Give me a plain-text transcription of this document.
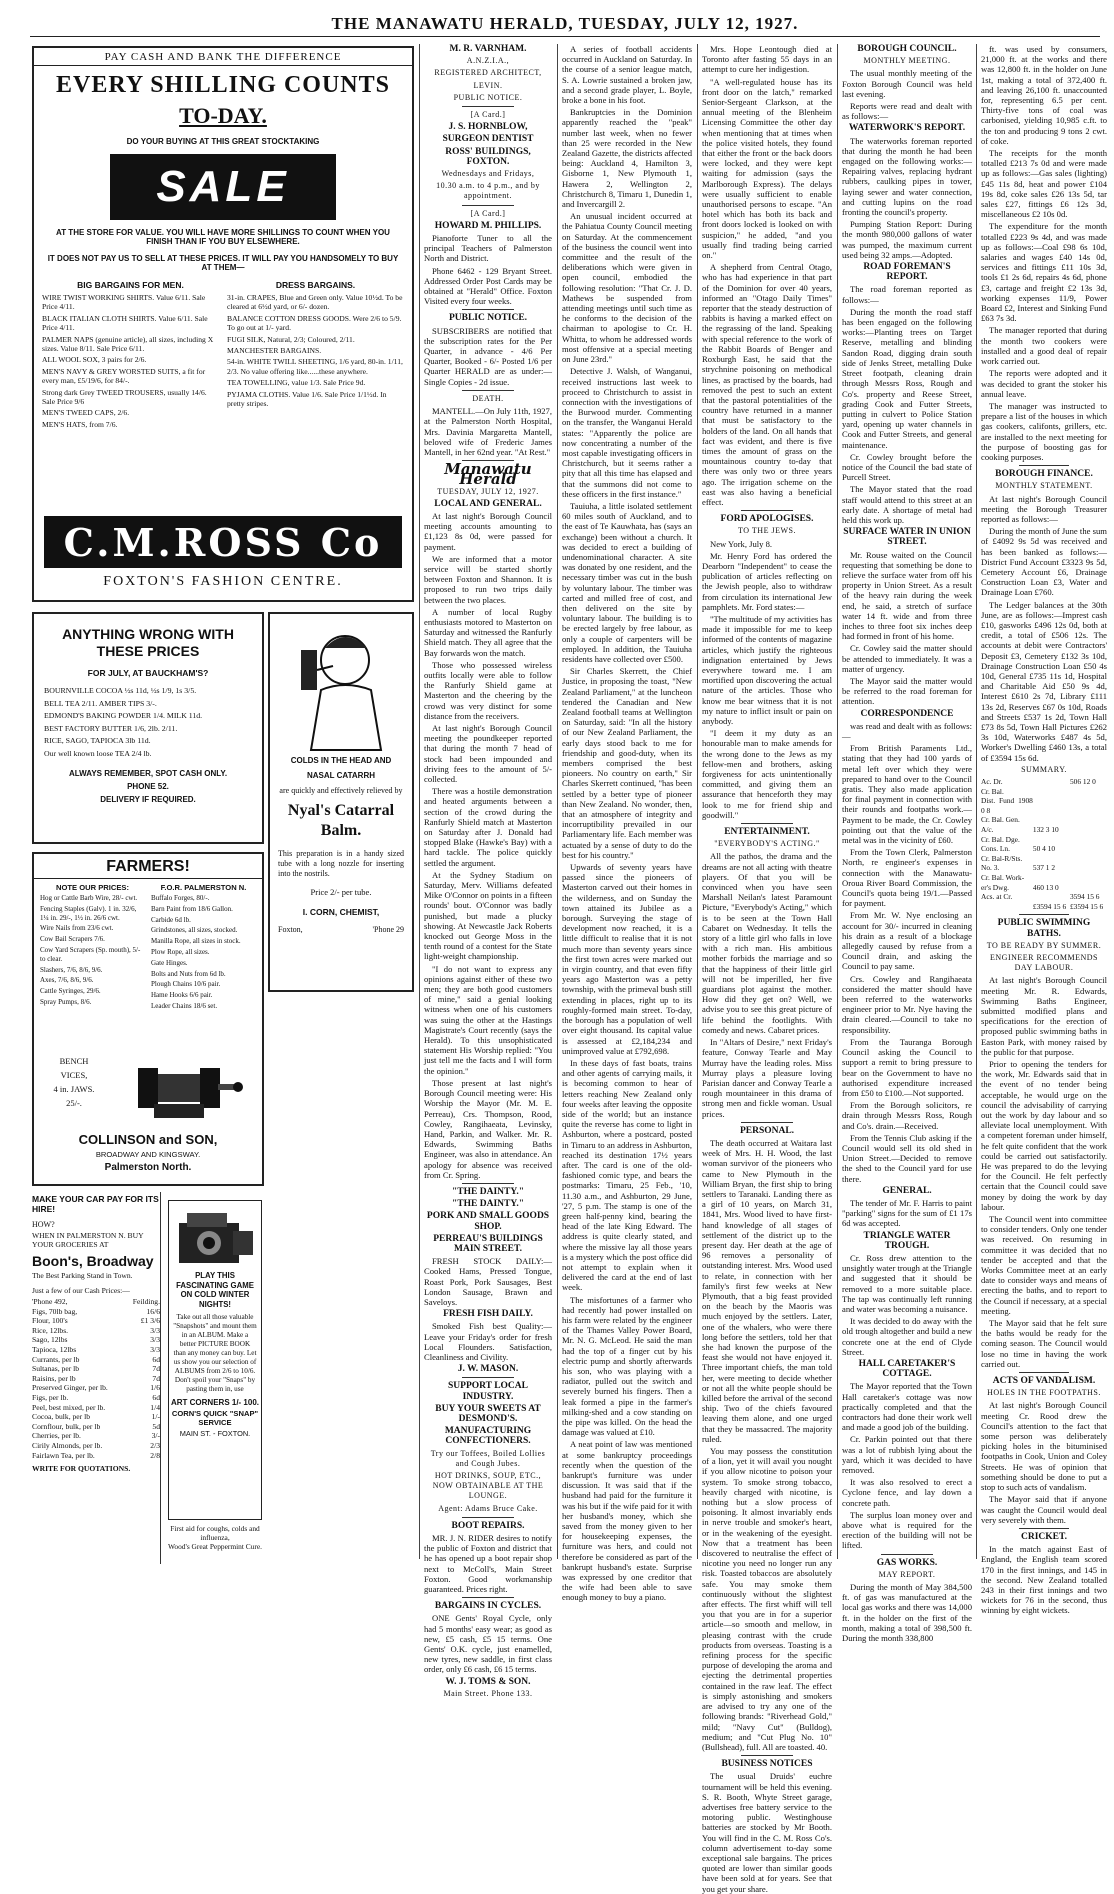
THE MANAWATU HERALD, TUESDAY, JULY 12, 1927.
PAY CASH AND BANK THE DIFFERENCE
EVERY SHILLING COUNTS
TO-DAY.
DO YOUR BUYING AT THIS GREAT STOCKTAKING
SALE
AT THE STORE FOR VALUE. YOU WILL HAVE MORE SHILLINGS TO COUNT WHEN YOU FINISH THAN IF YOU BUY ELSEWHERE.
IT DOES NOT PAY US TO SELL AT THESE PRICES. IT WILL PAY YOU HANDSOMELY TO BUY AT THEM—
BIG BARGAINS FOR MEN.
WIRE TWIST WORKING SHIRTS. Value 6/11. Sale Price 4/11.
BLACK ITALIAN CLOTH SHIRTS. Value 6/11. Sale Price 4/11.
PALMER NAPS (genuine article), all sizes, including X sizes. Value 8/11. Sale Price 6/11.
ALL WOOL SOX, 3 pairs for 2/6.
MEN'S NAVY & GREY WORSTED SUITS, a fit for every man, £5/19/6, for 84/-.
Strong dark Grey TWEED TROUSERS, usually 14/6. Sale Price 9/6
MEN'S TWEED CAPS, 2/6.
MEN'S HATS, from 7/6.
DRESS BARGAINS.
31-in. CRAPES, Blue and Green only. Value 10½d. To be cleared at 6½d yard, or 6/- dozen.
BALANCE COTTON DRESS GOODS. Were 2/6 to 5/9. To go out at 1/- yard.
FUGI SILK, Natural, 2/3; Coloured, 2/11.
MANCHESTER BARGAINS.
54-in. WHITE TWILL SHEETING, 1/6 yard, 80-in. 1/11, 2/3. No value offering like......these anywhere.
TEA TOWELLING, value 1/3. Sale Price 9d.
PYJAMA CLOTHS. Value 1/6. Sale Price 1/1½d. In pretty stripes.
C.M.ROSS Co
FOXTON'S FASHION CENTRE.
ANYTHING WRONG WITH THESE PRICES
FOR JULY, AT BAUCKHAM'S?
BOURNVILLE COCOA ½s 11d, ½s 1/9, 1s 3/5.
BELL TEA 2/11. AMBER TIPS 3/-.
EDMOND'S BAKING POWDER 1/4. MILK 11d.
BEST FACTORY BUTTER 1/6, 2lb. 2/11.
RICE, SAGO, TAPIOCA 3lb 11d.
Our well known loose TEA 2/4 lb.
ALWAYS REMEMBER, SPOT CASH ONLY.
PHONE 52.
DELIVERY IF REQUIRED.
FARMERS!
NOTE OUR PRICES:
Hog or Cattle Barb Wire, 28/- cwt.
Fencing Staples (Galv). 1 in. 32/6, 1¼ in. 29/-, 1½ in. 26/6 cwt.
Wire Nails from 23/6 cwt.
Cow Bail Scrapers 7/6.
Cow Yard Scrapers (Sp. mouth), 5/- to clear.
Slashers, 7/6, 8/6, 9/6.
Axes, 7/6, 8/6, 9/6.
Cattle Syringes, 29/6.
Spray Pumps, 8/6.
F.O.R. PALMERSTON N.
Buffalo Forges, 80/-.
Barn Paint from 18/6 Gallon.
Carbide 6d lb.
Grindstones, all sizes, stocked.
Manilla Rope, all sizes in stock.
Plow Rope, all sizes.
Gate Hinges.
Bolts and Nuts from 6d lb.
Plough Chains 10/6 pair.
Hame Hooks 6/6 pair.
Leader Chains 18/6 set.
BENCH
VICES,
4 in. JAWS.
25/-.
COLLINSON and SON,
BROADWAY AND KINGSWAY.
Palmerston North.
MAKE YOUR CAR PAY FOR ITS HIRE!
HOW?
WHEN IN PALMERSTON N. BUY YOUR GROCERIES AT
Boon's, Broadway
The Best Parking Stand in Town.
Just a few of our Cash Prices:—
'Phone 492,	Feilding.
Figs, 70lb bag,	16/6
Flour, 100's	£1 3/6
Rice, 12lbs.	3/3
Sago, 12lbs	3/3
Tapioca, 12lbs	3/3
Currants, per lb	6d
Sultanas, per lb	7d
Raisins, per lb	7d
Preserved Ginger, per lb.	1/6
Figs, per lb.	6d
Peel, best mixed, per lb.	1/4
Cocoa, bulk, per lb	1/-
Cornflour, bulk, per lb	5d
Cherries, per lb.	3/-
Cirily Almonds, per lb.	2/3
Fairlawn Tea, per lb.	2/8
WRITE FOR QUOTATIONS.
PLAY THIS FASCINATING GAME ON COLD WINTER NIGHTS!
Take out all those valuable "Snapshots" and mount them in an ALBUM. Make a better PICTURE BOOK than any money can buy. Let us show you our selection of ALBUMS from 2/6 to 10/6. Don't spoil your "Snaps" by pasting them in, use
ART CORNERS 1/- 100.
CORN'S QUICK "SNAP" SERVICE
MAIN ST. - FOXTON.
First aid for coughs, colds and influenza,
Wood's Great Peppermint Cure.
COLDS IN THE HEAD AND
NASAL CATARRH
are quickly and effectively relieved by
Nyal's Catarral Balm.
This preparation is in a handy sized tube with a long nozzle for inserting into the nostrils.
Price 2/- per tube.
I. CORN, CHEMIST,
Foxton,	'Phone 29

M. R. VARNHAM.

A.N.Z.I.A.,

REGISTERED ARCHITECT,

LEVIN.

PUBLIC NOTICE.

[A Card.]

J. S. HORNBLOW,

SURGEON DENTIST

ROSS' BUILDINGS, FOXTON.

Wednesdays and Fridays,

10.30 a.m. to 4 p.m., and by appointment.

[A Card.]

HOWARD M. PHILLIPS.

Pianoforte Tuner to all the principal Teachers of Palmerston North and District.

Phone 6462 - 129 Bryant Street. Addressed Order Post Cards may be obtained at "Herald" Office. Foxton Visited every four weeks.

PUBLIC NOTICE.

SUBSCRIBERS are notified that the subscription rates for the Per Quarter, in advance - 4/6 Per Quarter, Booked - 6/- Posted 1/6 per Quarter HERALD are as under:— Single Copies - 2d issue.

DEATH.

MANTELL.—On July 11th, 1927, at the Palmerston North Hospital, Mrs. Davinia Margaretta Mantell, beloved wife of Frederic James Mantell, in her 62nd year. "At Rest."

Manawatu Herald

TUESDAY, JULY 12, 1927.

LOCAL AND GENERAL.

At last night's Borough Council meeting accounts amounting to £1,123 8s 0d, were passed for payment.

We are informed that a motor service will be started shortly between Foxton and Shannon. It is proposed to run two trips daily between the two places.

A number of local Rugby enthusiasts motored to Masterton on Saturday and witnessed the Ranfurly Shield match. They all agree that the Bay forwards won the match.

Those who possessed wireless outfits locally were able to follow the Ranfurly Shield game at Masterton and the cheering by the crowd was very distinct for some distance from the receivers.

At last night's Borough Council meeting the poundkeeper reported that during the month 7 head of stock had been impounded and driving fees to the amount of 5/- collected.

There was a hostile demonstration and heated arguments between a section of the crowd during the Ranfurly Shield match at Masterton on Saturday after J. Donald had stopped Blake (Hawke's Bay) with a hard tackle. The police quickly settled the argument.

At the Sydney Stadium on Saturday, Merv. Williams defeated Mike O'Connor on points in a fifteen rounds' bout. O'Connor was badly punished, but made a plucky showing. At Newcastle Jack Roberts knocked out George Moss in the tenth round of a contest for the State light-weight championship.

"I do not want to express any opinions against either of these two men; they are both good customers of mine," said a genial looking witness when one of his customers was suing the other at the Hastings Magistrate's Court recently (says the Herald). To this unsophisticated statement His Worship replied: "You just tell me the facts and I will form the opinion."

Those present at last night's Borough Council meeting were: His Worship the Mayor (Mr. M. E. Perreau), Crs. Thompson, Rood, Cowley, Rangihaeata, Levinsky, Hand, Parkin, and Walker. Mr. R. Edwards, Swimming Baths Engineer, was also in attendance. An apology for absence was received from Cr. Spring.

"THE DAINTY."

"THE DAINTY."

PORK AND SMALL GOODS SHOP.

PERREAU'S BUILDINGS MAIN STREET.

FRESH STOCK DAILY:—Cooked Hams, Pressed Tongue, Roast Pork, Pork Sausages, Best London Sausage, Brawn and Saveloys.

FRESH FISH DAILY.

Smoked Fish best Quality:—Leave your Friday's order for fresh Local Flounders. Satisfaction, Cleanliness and Civility.

J. W. MASON.

SUPPORT LOCAL INDUSTRY.

BUY YOUR SWEETS AT DESMOND'S.

MANUFACTURING CONFECTIONERS.

Try our Toffees, Boiled Lollies and Cough Jubes.

HOT DRINKS, SOUP, ETC., NOW OBTAINABLE AT THE LOUNGE.

Agent: Adams Bruce Cake.

BOOT REPAIRS.

MR. J. N. RIDER desires to notify the public of Foxton and district that he has opened up a boot repair shop next to McColl's, Main Street Foxton. Good workmanship guaranteed. Prices right.

BARGAINS IN CYCLES.

ONE Gents' Royal Cycle, only had 5 months' easy wear; as good as new, £5 cash, £5 15 terms. One Gents' O.K. cycle, just enamelled, new tyres, new saddle, in first class order, only £6 cash, £6 15 terms.

W. J. TOMS & SON.

Main Street. Phone 133.

A series of football accidents occurred in Auckland on Saturday. In the course of a senior league match, S. A. Lowrie sustained a broken jaw, and a second grade player, L. Boyle, broke a bone in his foot.

Bankruptcies in the Dominion apparently reached the "peak" number last week, when no fewer than 25 were recorded in the New Zealand Gazette, the districts affected being: Auckland 4, Hamilton 3, Gisborne 1, New Plymouth 1, Hawera 2, Wellington 2, Christchurch 8, Timaru 1, Dunedin 1, and Invercargill 2.

An unusual incident occurred at the Pahiatua County Council meeting on Saturday. At the commencement of the business the council went into committee and the result of the deliberations which were given in open council, embodied the following resolution: "That Cr. J. D. Mathews be suspended from attending meetings until such time as he conforms to the decision of the chairman to apologise to Cr. H. Whitta, to whom he addressed words most offensive at a special meeting on June 23rd."

Detective J. Walsh, of Wanganui, received instructions last week to proceed to Christchurch to assist in connection with the investigations of the Burwood murder. Commenting on the transfer, the Wanganui Herald states: "Apparently the police are now concentrating a number of the most capable investigating officers in Christchurch, but it seems rather a pity that all this time has elapsed and that the summons did not come to these officers in the first instance."

Tauiuha, a little isolated settlement 60 miles south of Auckland, and to the east of Te Kauwhata, has (says an exchange) been without a church. It was decided to erect a building of undenominational character. A site was donated by one resident, and the necessary timber was cut in the bush by voluntary labour. The timber was carted and milled free of cost, and then delivered on the site by voluntary labour. The building is to be erected largely by free labour, as only a couple of carpenters will be employed. In addition, the Tauiuha residents have collected over £500.

Sir Charles Skerrett, the Chief Justice, in proposing the toast, "New Zealand Parliament," at the luncheon tendered the Canadian and New Zealand football teams at Wellington on Saturday, said: "In all the history of our New Zealand Parliament, the early days stood back to me for friendship and good-duty, when its members comprised the best pioneers. No country on earth," Sir Charles Skerrett continued, "has been settled by a better type of pioneer than New Zealand. No wonder, then, that an atmosphere of integrity and incorruptibility prevailed in our Parliamentary life. Each member was actuated by a sense of duty to do the best for his country."

Upwards of seventy years have passed since the pioneers of Masterton carved out their homes in the wilderness, and on Sunday the town attained its Jubilee as a borough. Surveying the stage of development now reached, it is a little difficult to realise that it is not much more than seventy years since the first town acres were marked out in virgin country, and that even fifty years ago Masterton was a petty township, with the primeval bush still extending in places, right up to its roughly-formed main street. To-day, the borough has a population of well over eight thousand. Its capital value is assessed at £2,184,234 and unimproved value at £792,698.

In these days of fast boats, trains and other agents of carrying mails, it is becoming common to hear of letters reaching New Zealand only four weeks after leaving the opposite side of the world; but an instance quite the reverse has come to light in Ashburton, where a postcard, posted in Timaru to an address in Ashburton, reached its destination 17½ years after. The card is one of the old-fashioned comic type, and bears the postmarks: Timaru, 25 Feb., '10, 11.30 a.m., and Ashburton, 29 June, '27, 5 p.m. The stamp is one of the green half-penny kind, bearing the head of the late King Edward. The address is quite clearly stated, and where the missive lay all those years is a mystery which the post office did not attempt to explain when it delivered the card at the end of last week.

The misfortunes of a farmer who had recently had power installed on his farm were related by the engineer of the Thames Valley Power Board, Mr. N. G. McLeod. He said the man had the top of a finger cut by his electric pump and shortly afterwards his son, who was playing with a radiator, pulled out the switch and severely burned his fingers. Then a leak formed a pipe in the farmer's milking-shed and a cow standing on the pipe was killed. On the head the damage was valued at £10.

A neat point of law was mentioned at some bankruptcy proceedings recently when the question of the bankrupt's furniture was under discussion. It was said that if the husband had paid for the furniture it was his but if the wife paid for it with her husband's money, which she saved from the money given to her for housekeeping expenses, the furniture was hers, and could not therefore be considered as part of the bankrupt husband's estate. Surprise was expressed by one creditor that the wife had been able to save enough money to buy a piano.

Mrs. Hope Leontough died at Toronto after fasting 55 days in an attempt to cure her indigestion.

"A well-regulated house has its front door on the latch," remarked Senior-Sergeant Clarkson, at the annual meeting of the Blenheim Licensing Committee the other day when mentioning that at times when the police visited hotels, they found that either the front or the back doors were locked, and they were kept waiting for admission (says the Marlborough Express). The delays were usually sufficient to enable unauthorised persons to escape. "An hotel which has both its back and front doors locked is looked on with suspicion," he added, "and you usually find trading being carried on."

A shepherd from Central Otago, who has had experience in that part of the Dominion for over 40 years, informed an "Otago Daily Times" reporter that the steady destruction of rabbits is having a marked effect on the regrassing of the land. Speaking with special reference to the work of the Rabbit Boards of Benger and Roxburgh East, he said that the strychnine poisoning on methodical lines, as practised by the boards, had removed the pest to such an extent that the pastoral potentialities of the country have returned in a manner that must be satisfactory to the holders of the land. On all hands that fact was evident, and there is five times the amount of grass on the mountainous country to-day that there was only two or three years ago. The irrigation scheme on the east was also having a beneficial effect.

FORD APOLOGISES.

TO THE JEWS.

New York, July 8.

Mr. Henry Ford has ordered the Dearborn "Independent" to cease the publication of articles reflecting on the Jewish people, also to withdraw from circulation its international Jew pamphlets. Mr. Ford states:—

"The multitude of my activities has made it impossible for me to keep informed of the contents of magazine articles, which justify the righteous indignation entertained by Jews everywhere toward me. I am mortified upon discovering the actual nature of the articles. Those who know me bear witness that it is not my nature to inflict insult or pain on anybody.

"I deem it my duty as an honourable man to make amends for the wrong done to the Jews as my fellow-men and brothers, asking forgiveness for acts unintentionally committed, and giving them an assurance that henceforth they may look to me for friend ship and goodwill."

ENTERTAINMENT.

"EVERYBODY'S ACTING."

All the pathos, the drama and the dreams are not all acting with theatre players. Of that you will be convinced when you have seen Marshall Neilan's latest Paramount Picture, "Everybody's Acting," which is to be seen at the Town Hall Cabaret on Wednesday. It tells the story of a little girl who falls in love with a rich man. His ambitious mother forbids the marriage and so that the happiness of their little girl will not be imperilled, her five guardians plot against the mother. How did they get on? Well, we advise you to see this great picture of life behind the footlights. With comedy and news. Cabaret prices.

In "Altars of Desire," next Friday's feature, Conway Tearle and May Murray have the leading roles. Miss Murray plays a pleasure loving Parisian dancer and Conway Tearle a rough mountaineer in this drama of strong men and fickle woman. Usual prices.

PERSONAL.

The death occurred at Waitara last week of Mrs. H. H. Wood, the last woman survivor of the pioneers who came to New Plymouth in the William Bryan, the first ship to bring settlers to Taranaki. Landing there as a girl of 10 years, on March 31, 1841, Mrs. Wood lived to have first-hand knowledge of all stages of settlement of the district up to the present day. Her death at the age of 96 removes a personality of outstanding interest. Mrs. Wood used to relate, in connection with her family's first few weeks at New Plymouth, that a big feast provided on the beach by the Maoris was much enjoyed by the settlers. Later, one of the whalers, who were there long before the settlers, told her that she had known the purpose of the feast she would not have enjoyed it. Three important chiefs, the man told her, were meeting to decide whether or not all the white people should be killed before the arrival of the second ship. Two of the chiefs favoured leaving them alone, and one urged that they be massacred. The majority ruled.

You may possess the constitution of a lion, yet it will avail you nought if you allow nicotine to poison your system. To smoke strong tobacco, heavily charged with nicotine, is nothing but a slow process of poisoning. It almost invariably ends in nerve trouble and smoker's heart, or in the weakening of the eyesight. Now that a treatment has been discovered to neutralise the effect of nicotine you need no longer run any risk. Toasted tobaccos are absolutely safe. You may smoke them continuously without the slightest after effects. The first whiff will tell you that you are in for a superior article—so smooth and mellow, in pleasing contrast with the crude products from overseas. Toasting is a refining process for the specific purpose of developing the aroma and ejecting the detrimental properties contained in the raw leaf. The effect is simply astonishing and smokers are advised to try any one of the following brands: "Riverhead Gold," mild; "Navy Cut" (Bulldog), medium; and "Cut Plug No. 10" (Bullshead), full. All are toasted. 40.

BUSINESS NOTICES

The usual Druids' euchre tournament will be held this evening. S. R. Booth, Whyte Street garage, advertises free battery service to the motoring public. Westinghouse batteries are stocked by Mr Booth. You will find in the C. M. Ross Co's. column advertisement to-day some exceptional sale bargains. The prices quoted are lower than similar goods have been sold at for years. See that you get your share.

BOROUGH COUNCIL.

MONTHLY MEETING.

The usual monthly meeting of the Foxton Borough Council was held last evening.

Reports were read and dealt with as follows:—

WATERWORK'S REPORT.

The waterworks foreman reported that during the month he had been engaged on the following works:—Repairing valves, replacing hydrant rubbers, caulking pipes in tower, laying sewer and water connection, and cutting lupins on the road fronting the council's property.

Pumping Station Report: During the month 980,000 gallons of water was pumped, the maximum current used being 32 amps.—Adopted.

ROAD FOREMAN'S REPORT.

The road foreman reported as follows:—

During the month the road staff has been engaged on the following works:—Planting trees on Target Reserve, metalling and blinding Sandon Road, digging drain south side of Jenks Street, metalling Duke Street footpath, cleaning drain through Messrs Ross, Rough and Co's. property and Reese Street, grading Cook and Futter Streets, putting in culvert to Police Station yard, opening up water channels in Cook and Futter Streets, and general maintenance.

Cr. Cowley brought before the notice of the Council the bad state of Purcell Street.

The Mayor stated that the road staff would attend to this street at an early date. A shortage of metal had held this work up.

SURFACE WATER IN UNION STREET.

Mr. Rouse waited on the Council requesting that something be done to relieve the surface water from off his property in Union Street. As a result of the heavy rain during the week end, he said, a stretch of surface water 14 ft. wide and from three inches to three foot six inches deep had formed in front of his home.

Cr. Cowley said the matter should be attended to immediately. It was a matter of urgency.

The Mayor said the matter would be referred to the road foreman for attention.

CORRESPONDENCE

was read and dealt with as follows:—

From British Paraments Ltd., stating that they had 100 yards of metal left over which they were prepared to hand over to the Council gratis. They also made application for final payment in connection with their rounds and footpaths work.—Payment to be made, the Cr. Cowley pointing out that the value of the metal was in the vicinity of £60.

From the Town Clerk, Palmerston North, re engineer's expenses in connection with the Manawatu-Oroua River Board Commission, the Council's quota being 19/1.—Passed for payment.

From Mr. W. Nye enclosing an account for 30/- incurred in cleaning his drain as a result of a blockage allegedly caused by refuse from a Council drain, and asking the Council to pay same.

Crs. Cowley and Rangihaeata considered the matter should have been referred to the waterworks engineer prior to Mr. Nye having the drain cleared.—Council to take no responsibility.

From the Tauranga Borough Council asking the Council to support a remit to bring pressure to bear on the Government to have no authorised expenditure increased from £50 to £100.—Not supported.

From the Borough solicitors, re drain through Messrs Ross, Rough and Co's. drain.—Received.

From the Tennis Club asking if the Council would sell its old shed in Union Street.—Decided to remove the shed to the Council yard for use there.

GENERAL.

The tender of Mr. F. Harris to paint "parking" signs for the sum of £1 17s 6d was accepted.

TRIANGLE WATER TROUGH.

Cr. Ross drew attention to the unsightly water trough at the Triangle and suggested that it should be removed to a more suitable place. The tap was continually left running and water was becoming a nuisance.

It was decided to do away with the old trough altogether and build a new concrete one at the end of Clyde Street.

HALL CARETAKER'S COTTAGE.

The Mayor reported that the Town Hall caretaker's cottage was now practically completed and that the contractors had done their work well and made a good job of the building.

Cr. Parkin pointed out that there was a lot of rubbish lying about the yard, which it was decided to have removed.

It was also resolved to erect a Cyclone fence, and lay down a concrete path.

The surplus loan money over and above what is required for the erection of the building will not be lifted.

GAS WORKS.

MAY REPORT.

During the month of May 384,500 ft. of gas was manufactured at the local gas works and there was 14,000 ft. in the holder on the first of the month, making a total of 398,500 ft. During the month 338,800

ft. was used by consumers, 21,000 ft. at the works and there was 12,800 ft. in the holder on June 1st, making a total of 372,400 ft. and leaving 26,100 ft. unaccounted for, representing 6.5 per cent. Thirty-five tons of coal was carbonised, yielding 10,985 c.ft. to the ton and producing 9 tons 2 cwt. of coke.

The receipts for the month totalled £213 7s 0d and were made up as follows:—Gas sales (lighting) £45 11s 8d, heat and power £104 19s 8d, coke sales £26 13s 5d, tar sales £27, fittings £6 12s 3d, miscellaneous £2 10s 0d.

The expenditure for the month totalled £223 9s 4d, and was made up as follows:—Coal £98 6s 10d, salaries and wages £40 14s 0d, services and fittings £11 10s 3d, tools £1 2s 6d, repairs 4s 6d, phone £3, cartage and freight £2 13s 3d, working expenses 11/9, Power Board £2, Interest and Sinking Fund £63 7s 3d.

The manager reported that during the month two cookers were installed and a good deal of repair work carried out.

The reports were adopted and it was decided to grant the stoker his annual leave.

The manager was instructed to prepare a list of the houses in which gas cookers, califonts, grillers, etc. are installed to the next meeting for the purpose of boosting gas for cooking purposes.

BOROUGH FINANCE.

MONTHLY STATEMENT.

At last night's Borough Council meeting the Borough Treasurer reported as follows:—

During the month of June the sum of £4092 9s 5d was received and has been banked as follows:—District Fund Account £3323 9s 5d, Cemetery Account £6, Drainage Construction Loan £3, Water and Drainage Loan £760.

The Ledger balances at the 30th June, are as follows:—Imprest cash £10, gasworks £496 12s 0d, both at credit, a total of £506 12s. The accounts at debit were Contractors' Deposit £3, Cemetery £132 3s 10d, Drainage Construction Loan £50 4s 10d, General £735 11s 1d, Hospital and Charitable Aid £50 9s 4d, Interest £610 2s 7d, Library £111 13s 2d, Reserves £67 0s 10d, Roads and Streets £537 1s 2d, Town Hall £73 8s 5d, Town Hall Pictures £262 3s 10d, Waterworks £487 4s 5d, Worker's Dwelling £460 13s, a total of £3594 15s 6d.

SUMMARY.

Ac. Dr.	506 12 0
Cr. Bal.
Dist. Fund 1908 0 8
Cr. Bal. Gen.
A/c.	132 3 10
Cr. Bal. Dge.
Cons. Ln.	50 4 10
Cr. Bal-R/Sts.
No. 3.	537 1 2
Cr. Bal. Work-
er's Dwg.	460 13 0
Acs. at Cr.	3594 15 6
£3594 15 6 £3594 15 6

PUBLIC SWIMMING BATHS.

TO BE READY BY SUMMER.

ENGINEER RECOMMENDS DAY LABOUR.

At last night's Borough Council meeting Mr. R. Edwards, Swimming Baths Engineer, submitted modified plans and specifications for the erection of proposed public swimming baths in Easton Park, with money raised by the public for that purpose.

Prior to opening the tenders for the work, Mr. Edwards said that in the event of no tender being acceptable, he would urge on the council the advisability of carrying out the work by day labour and so alleviate local unemployment. With a competent foreman under himself, he felt quite confident that the work could be carried out satisfactorily. He was prepared to do the levying for the Council. He felt perfectly certain that the Council could save money by doing the work by day labour.

The Council went into committee to consider tenders. Only one tender was received. On resuming in committee it was decided that no tender be accepted and that the Works Committee meet at an early date to consider ways and means of erecting the baths, and to report to the Council if necessary, at a special meeting.

The Mayor said that he felt sure the baths would be ready for the coming season. The Council would lose no time in having the work carried out.

ACTS OF VANDALISM.

HOLES IN THE FOOTPATHS.

At last night's Borough Council meeting Cr. Rood drew the Council's attention to the fact that some person was deliberately picking holes in the bituminised footpaths in Cook, Union and Coley Streets. He was of opinion that something should be done to put a stop to such acts of vandalism.

The Mayor said that if anyone was caught the Council would deal very severely with them.

CRICKET.

In the match against East of England, the English team scored 170 in the first innings, and 145 in the second. New Zealand totalled 243 in their first innings and two wickets for 76 in the second, thus winning by eight wickets.
